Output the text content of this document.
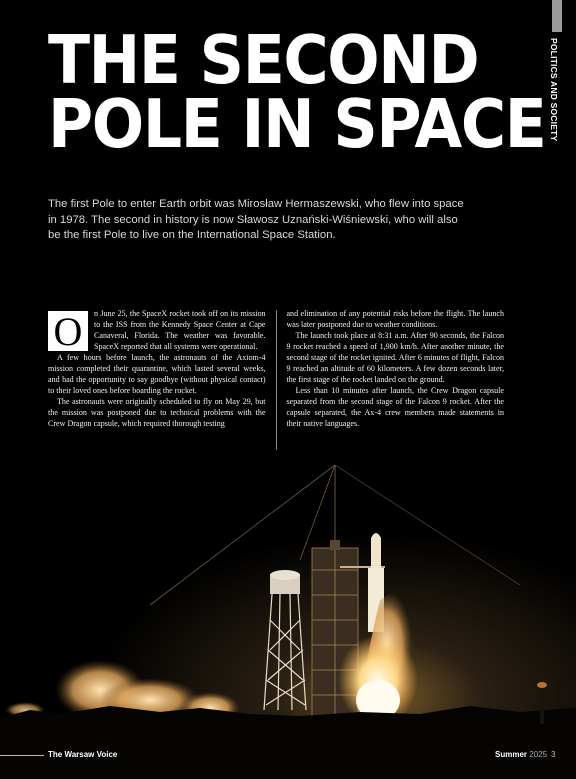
POLITICS AND SOCIETY
THE SECOND
POLE IN SPACE
The first Pole to enter Earth orbit was Mirosław Hermaszewski, who flew into space in 1978. The second in history is now Sławosz Uznański-Wiśniewski, who will also be the first Pole to live on the International Space Station.

O	n June 25, the SpaceX rocket took off on its mission to the ISS from the Kennedy Space Center at Cape Canaveral, Florida. The weather was favorable. SpaceX reported that all systems were operational.

A few hours before launch, the astronauts of the Axiom-4 mission completed their quarantine, which lasted several weeks, and had the opportunity to say goodbye (without physical contact) to their loved ones before boarding the rocket.

The astronauts were originally scheduled to fly on May 29, but the mission was postponed due to technical problems with the Crew Dragon capsule, which required thorough testing

and elimination of any potential risks before the flight. The launch was later postponed due to weather conditions.

The launch took place at 8:31 a.m. After 90 seconds, the Falcon 9 rocket reached a speed of 1,900 km/h. After another minute, the second stage of the rocket ignited. After 6 minutes of flight, Falcon 9 reached an altitude of 60 kilometers. A few dozen seconds later, the first stage of the rocket landed on the ground.

Less than 10 minutes after launch, the Crew Dragon capsule separated from the second stage of the Falcon 9 rocket. After the capsule separated, the Ax-4 crew members made statements in their native languages.

The Warsaw Voice	Summer 2025 3
